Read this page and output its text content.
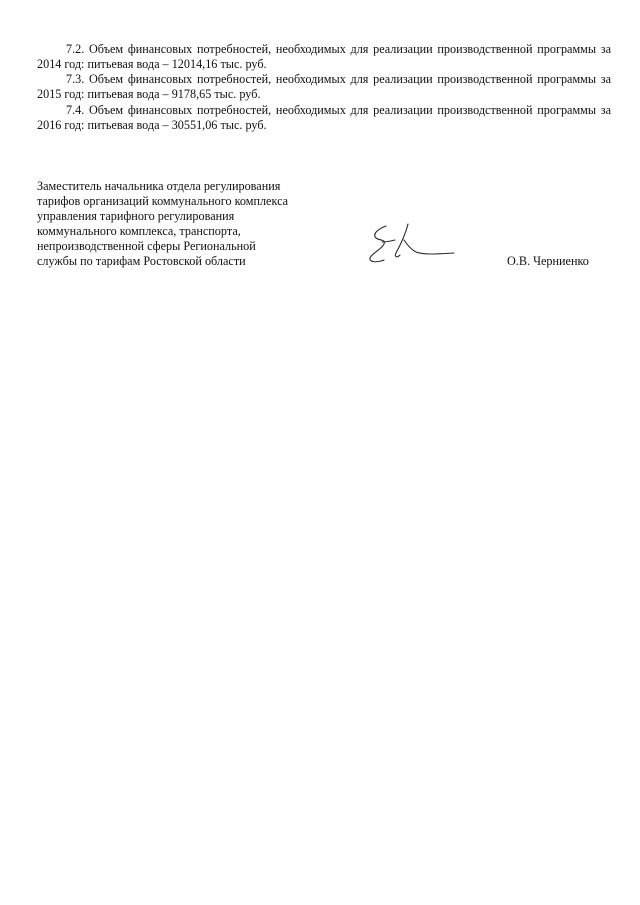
7.2. Объем финансовых потребностей, необходимых для реализации производственной программы за 2014 год: питьевая вода – 12014,16 тыс. руб.

7.3. Объем финансовых потребностей, необходимых для реализации производственной программы за 2015 год: питьевая вода – 9178,65 тыс. руб.

7.4. Объем финансовых потребностей, необходимых для реализации производственной программы за 2016 год: питьевая вода – 30551,06 тыс. руб.

Заместитель начальника отдела регулирования
тарифов организаций коммунального комплекса
управления тарифного регулирования
коммунального комплекса, транспорта,
непроизводственной сферы Региональной
службы по тарифам Ростовской области	О.В. Черниенко
